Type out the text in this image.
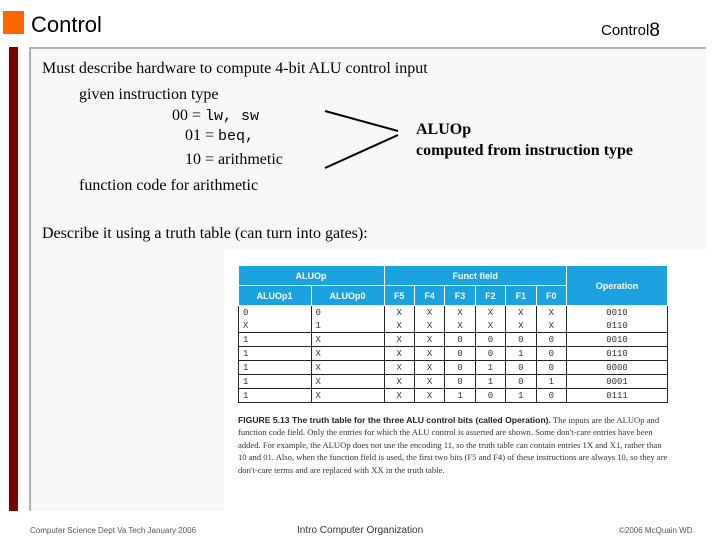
Control	Control8
Must describe hardware to compute 4-bit ALU control input
given instruction type
00 = lw, sw
01 = beq,
10 = arithmetic
ALUOp
computed from instruction type
function code for arithmetic
Describe it using a truth table (can turn into gates):
ALUOp		Funct field						Operation
ALUOp1	ALUOp0	F5	F4	F3	F2	F1	F0	
0	0	X	X	X	X	X	X	0010
X	1	X	X	X	X	X	X	0110
1	X	X	X	0	0	0	0	0010
1	X	X	X	0	0	1	0	0110
1	X	X	X	0	1	0	0	0000
1	X	X	X	0	1	0	1	0001
1	X	X	X	1	0	1	0	0111
FIGURE 5.13 The truth table for the three ALU control bits (called Operation). The inputs are the ALUOp and function code field. Only the entries for which the ALU control is asserted are shown. Some don't-care entries have been added. For example, the ALUOp does not use the encoding 11, so the truth table can contain entries 1X and X1, rather than 10 and 01. Also, when the function field is used, the first two bits (F5 and F4) of these instructions are always 10, so they are don't-care terms and are replaced with XX in the truth table.
Computer Science Dept Va Tech January 2006	Intro Computer Organization	©2006 McQuain WD
